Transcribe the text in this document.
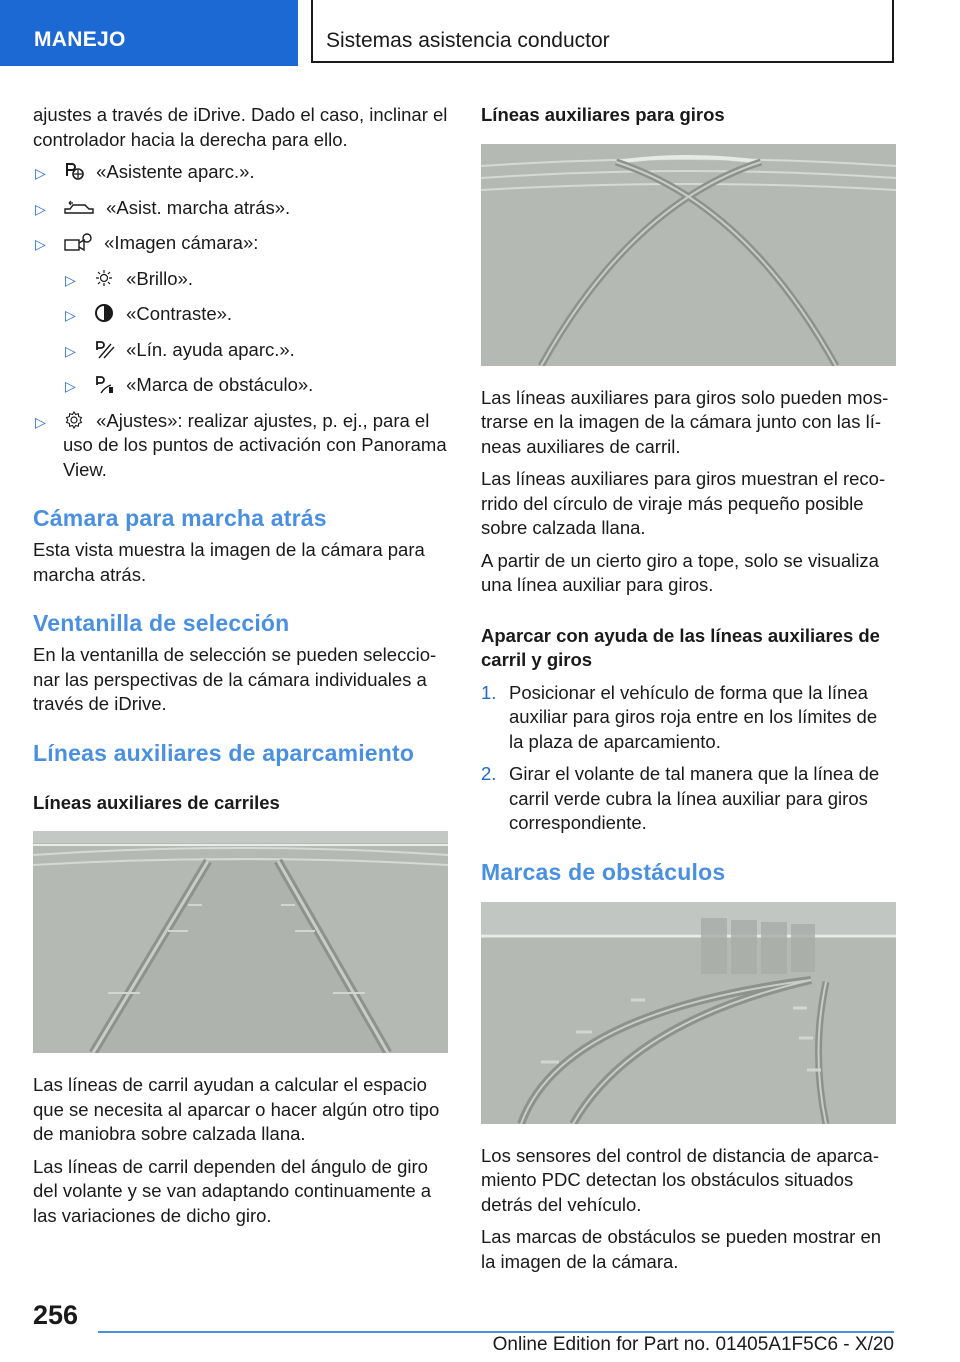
MANEJO	Sistemas asistencia conductor

ajustes a través de iDrive. Dado el caso, inclinar el controlador hacia la derecha para ello.

▷	«Asistente aparc.».
▷	«Asist. marcha atrás».
▷	«Imagen cámara»:
▷	«Brillo».
▷	«Contraste».
▷	«Lín. ayuda aparc.».
▷	«Marca de obstáculo».
▷	«Ajustes»: realizar ajustes, p. ej., para el uso de los puntos de activación con Panorama View.
Cámara para marcha atrás

Esta vista muestra la imagen de la cámara para marcha atrás.

Ventanilla de selección

En la ventanilla de selección se pueden seleccionar las perspectivas de la cámara individuales a través de iDrive.

Líneas auxiliares de aparcamiento
Líneas auxiliares de carriles

Las líneas de carril ayudan a calcular el espacio que se necesita al aparcar o hacer algún otro tipo de maniobra sobre calzada llana.

Las líneas de carril dependen del ángulo de giro del volante y se van adaptando continuamente a las variaciones de dicho giro.

Líneas auxiliares para giros

Las líneas auxiliares para giros solo pueden mostrarse en la imagen de la cámara junto con las líneas auxiliares de carril.

Las líneas auxiliares para giros muestran el recorrido del círculo de viraje más pequeño posible sobre calzada llana.

A partir de un cierto giro a tope, solo se visualiza una línea auxiliar para giros.

Aparcar con ayuda de las líneas auxiliares de carril y giros
1. Posicionar el vehículo de forma que la línea auxiliar para giros roja entre en los límites de la plaza de aparcamiento.
2. Girar el volante de tal manera que la línea de carril verde cubra la línea auxiliar para giros correspondiente.
Marcas de obstáculos

Los sensores del control de distancia de aparcamiento PDC detectan los obstáculos situados detrás del vehículo.

Las marcas de obstáculos se pueden mostrar en la imagen de la cámara.

256
Online Edition for Part no. 01405A1F5C6 - X/20
